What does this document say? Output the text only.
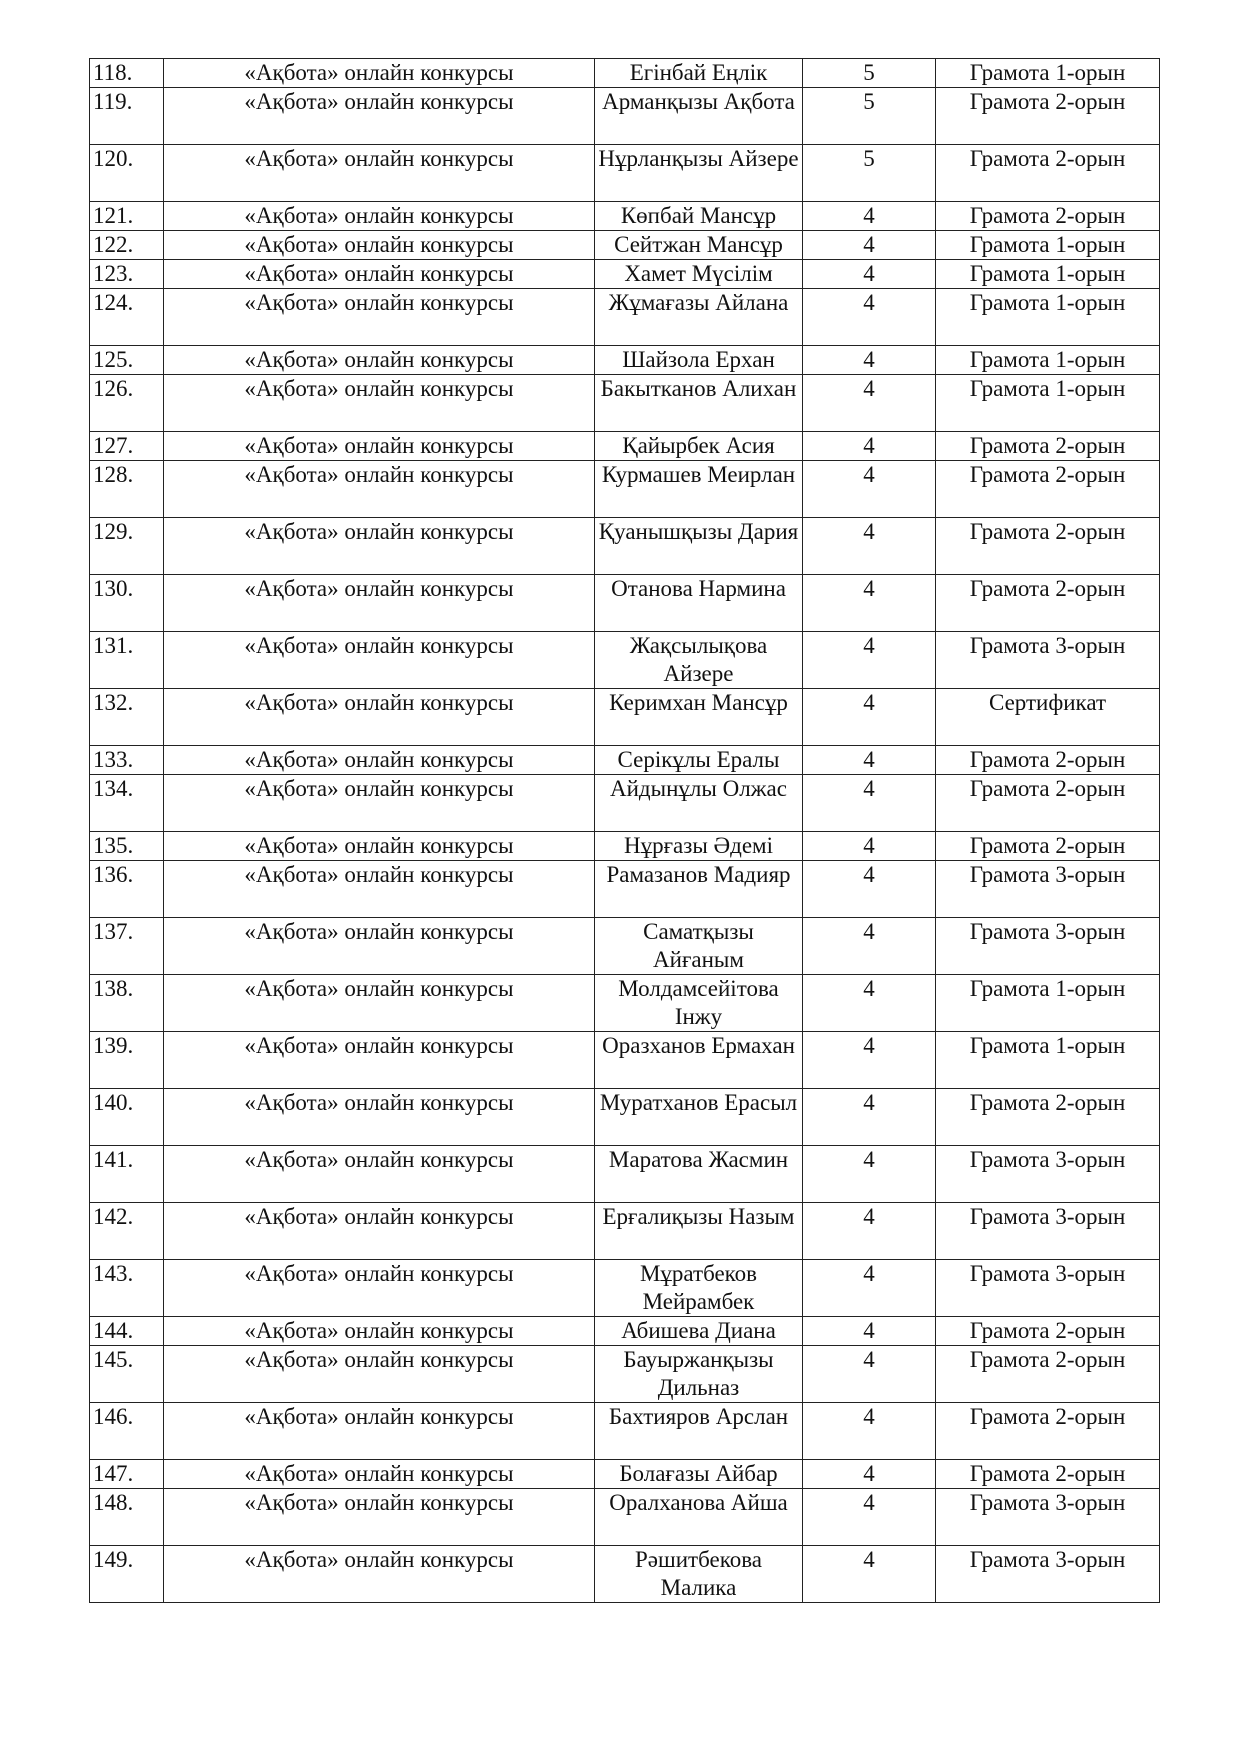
118.	«Ақбота» онлайн конкурсы	Егінбай Еңлік	5	Грамота 1-орын
119.	«Ақбота» онлайн конкурсы	Арманқызы Ақбота	5	Грамота 2-орын
120.	«Ақбота» онлайн конкурсы	Нұрланқызы Айзере	5	Грамота 2-орын
121.	«Ақбота» онлайн конкурсы	Көпбай Мансұр	4	Грамота 2-орын
122.	«Ақбота» онлайн конкурсы	Сейтжан Мансұр	4	Грамота 1-орын
123.	«Ақбота» онлайн конкурсы	Хамет Мүсілім	4	Грамота 1-орын
124.	«Ақбота» онлайн конкурсы	Жұмағазы Айлана	4	Грамота 1-орын
125.	«Ақбота» онлайн конкурсы	Шайзола Ерхан	4	Грамота 1-орын
126.	«Ақбота» онлайн конкурсы	Бакытканов Алихан	4	Грамота 1-орын
127.	«Ақбота» онлайн конкурсы	Қайырбек Асия	4	Грамота 2-орын
128.	«Ақбота» онлайн конкурсы	Курмашев Меирлан	4	Грамота 2-орын
129.	«Ақбота» онлайн конкурсы	Қуанышқызы Дария	4	Грамота 2-орын
130.	«Ақбота» онлайн конкурсы	Отанова Нармина	4	Грамота 2-орын
131.	«Ақбота» онлайн конкурсы	Жақсылықова Айзере	4	Грамота 3-орын
132.	«Ақбота» онлайн конкурсы	Керимхан Мансұр	4	Сертификат
133.	«Ақбота» онлайн конкурсы	Серікұлы Ералы	4	Грамота 2-орын
134.	«Ақбота» онлайн конкурсы	Айдынұлы Олжас	4	Грамота 2-орын
135.	«Ақбота» онлайн конкурсы	Нұрғазы Әдемі	4	Грамота 2-орын
136.	«Ақбота» онлайн конкурсы	Рамазанов Мадияр	4	Грамота 3-орын
137.	«Ақбота» онлайн конкурсы	Саматқызы Айғаным	4	Грамота 3-орын
138.	«Ақбота» онлайн конкурсы	Молдамсейітова Інжу	4	Грамота 1-орын
139.	«Ақбота» онлайн конкурсы	Оразханов Ермахан	4	Грамота 1-орын
140.	«Ақбота» онлайн конкурсы	Муратханов Ерасыл	4	Грамота 2-орын
141.	«Ақбота» онлайн конкурсы	Маратова Жасмин	4	Грамота 3-орын
142.	«Ақбота» онлайн конкурсы	Ерғалиқызы Назым	4	Грамота 3-орын
143.	«Ақбота» онлайн конкурсы	Мұратбеков Мейрамбек	4	Грамота 3-орын
144.	«Ақбота» онлайн конкурсы	Абишева Диана	4	Грамота 2-орын
145.	«Ақбота» онлайн конкурсы	Бауыржанқызы Дильназ	4	Грамота 2-орын
146.	«Ақбота» онлайн конкурсы	Бахтияров Арслан	4	Грамота 2-орын
147.	«Ақбота» онлайн конкурсы	Болағазы Айбар	4	Грамота 2-орын
148.	«Ақбота» онлайн конкурсы	Оралханова Айша	4	Грамота 3-орын
149.	«Ақбота» онлайн конкурсы	Рәшитбекова Малика	4	Грамота 3-орын
